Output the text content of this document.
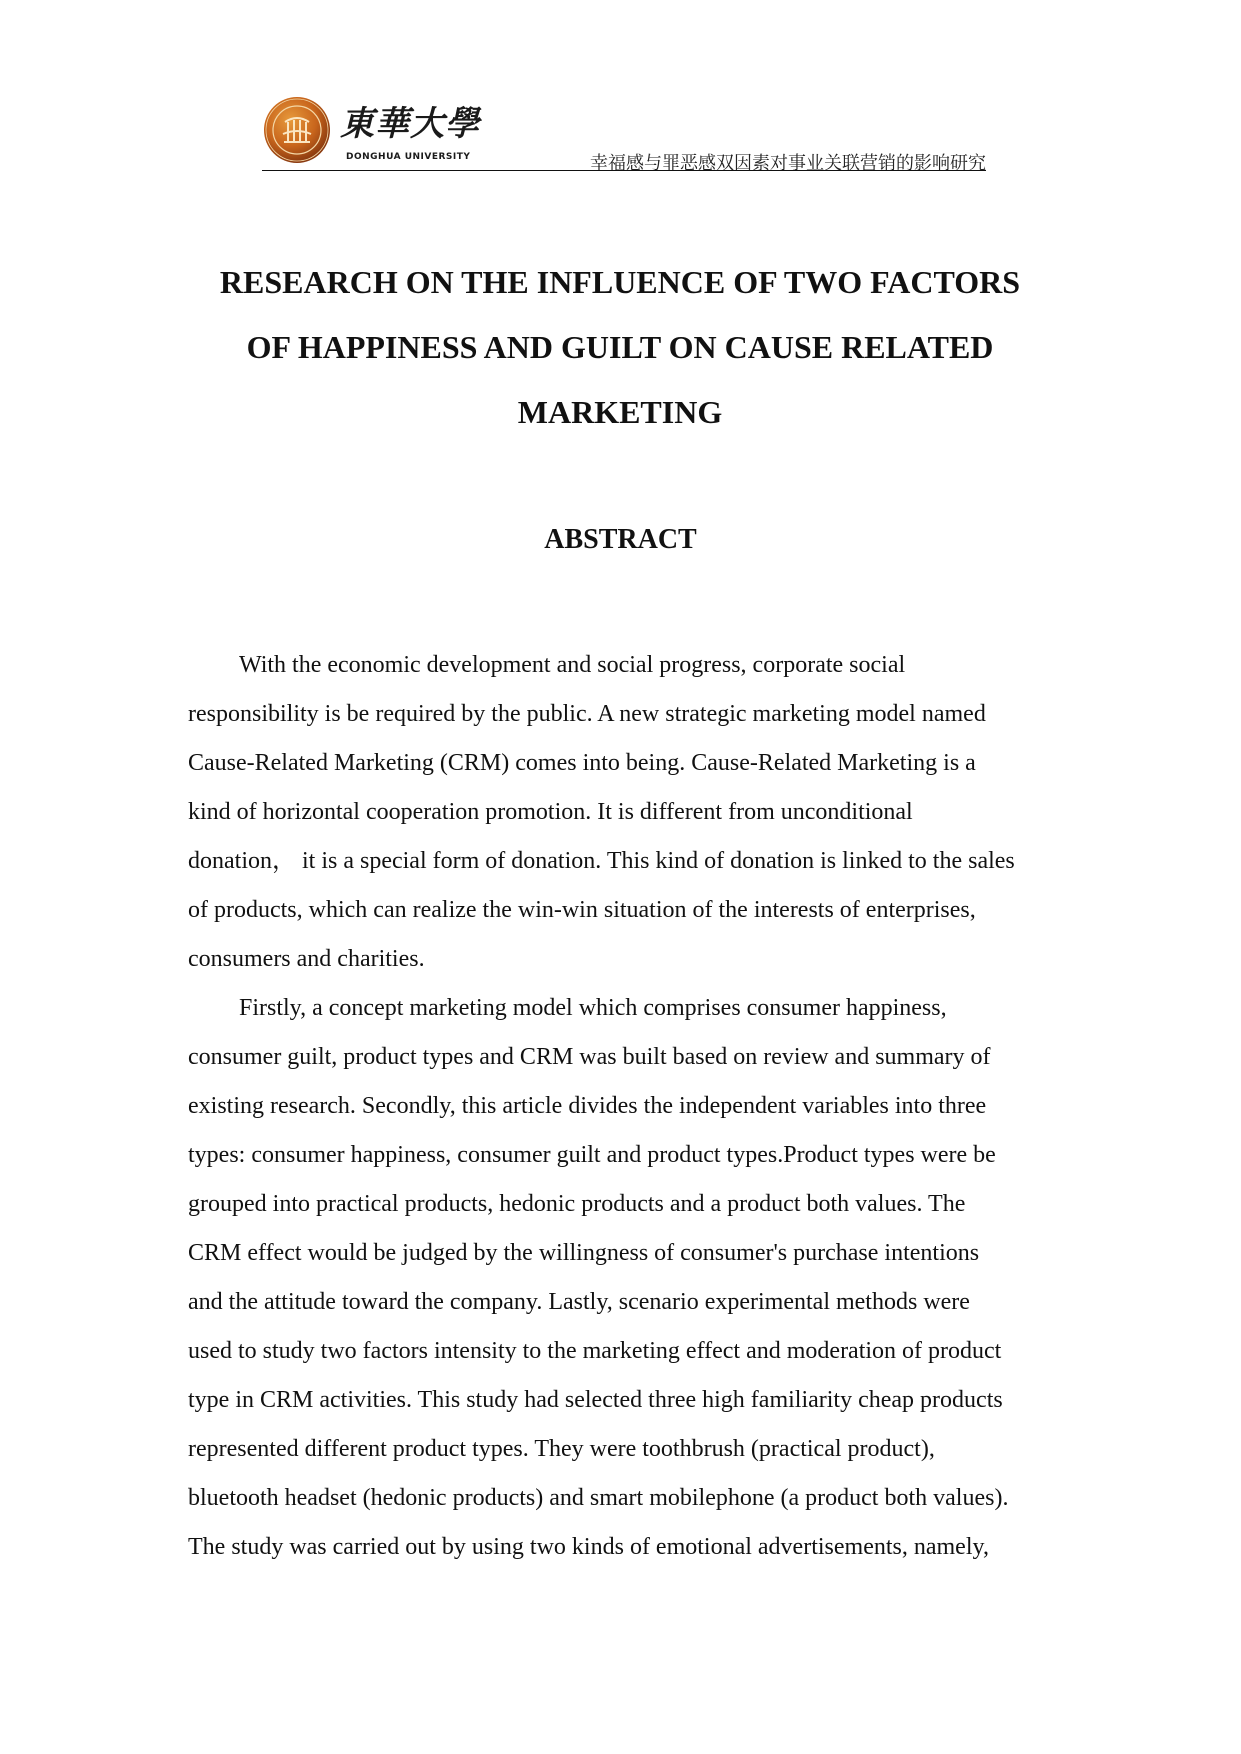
東華大學
DONGHUA UNIVERSITY	幸福感与罪恶感双因素对事业关联营销的影响研究
RESEARCH ON THE INFLUENCE OF TWO FACTORS
OF HAPPINESS AND GUILT ON CAUSE RELATED
MARKETING
ABSTRACT
With the economic development and social progress, corporate social
responsibility is be required by the public. A new strategic marketing model named
Cause-Related Marketing (CRM) comes into being. Cause-Related Marketing is a
kind of horizontal cooperation promotion. It is different from unconditional
donation， it is a special form of donation. This kind of donation is linked to the sales
of products, which can realize the win-win situation of the interests of enterprises,
consumers and charities.
Firstly, a concept marketing model which comprises consumer happiness,
consumer guilt, product types and CRM was built based on review and summary of
existing research. Secondly, this article divides the independent variables into three
types: consumer happiness, consumer guilt and product types.Product types were be
grouped into practical products, hedonic products and a product both values. The
CRM effect would be judged by the willingness of consumer's purchase intentions
and the attitude toward the company. Lastly, scenario experimental methods were
used to study two factors intensity to the marketing effect and moderation of product
type in CRM activities. This study had selected three high familiarity cheap products
represented different product types. They were toothbrush (practical product),
bluetooth headset (hedonic products) and smart mobilephone (a product both values).
The study was carried out by using two kinds of emotional advertisements, namely,
